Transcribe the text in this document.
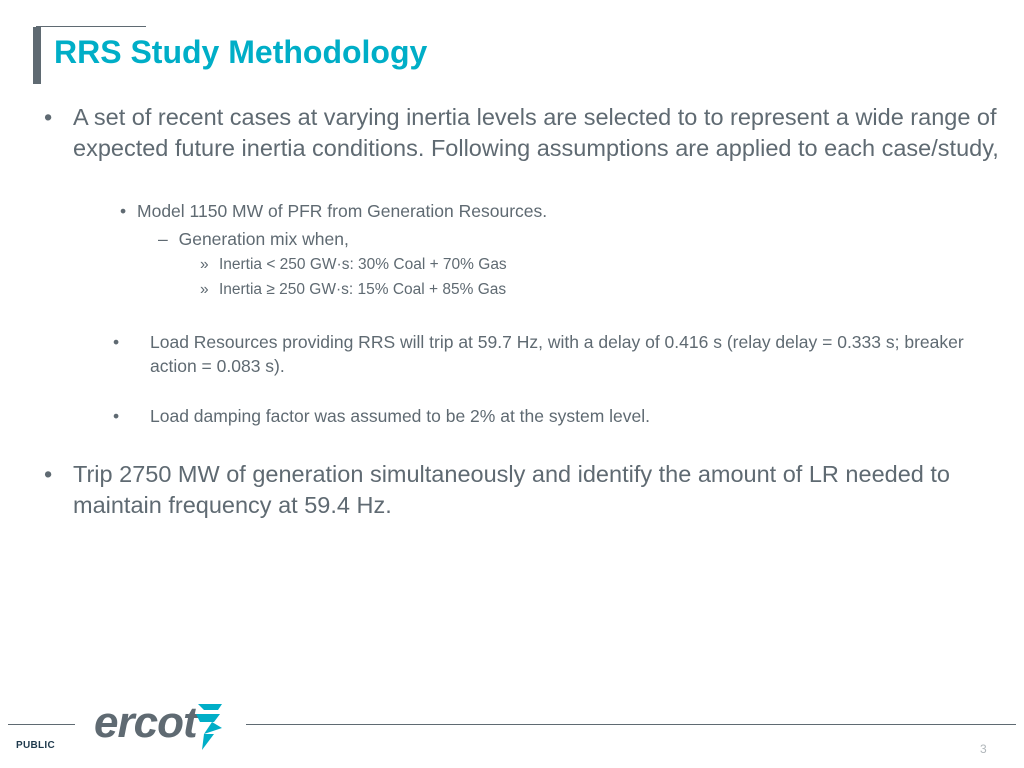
RRS Study Methodology
• A set of recent cases at varying inertia levels are selected to to represent a wide range of expected future inertia conditions. Following assumptions are applied to each case/study,
• Model 1150 MW of PFR from Generation Resources.
– Generation mix when,
» Inertia < 250 GW·s: 30% Coal + 70% Gas
» Inertia ≥ 250 GW·s: 15% Coal + 85% Gas
• Load Resources providing RRS will trip at 59.7 Hz, with a delay of 0.416 s (relay delay = 0.333 s; breaker action = 0.083 s).
• Load damping factor was assumed to be 2% at the system level.
• Trip 2750 MW of generation simultaneously and identify the amount of LR needed to maintain frequency at 59.4 Hz.
ercot
PUBLIC	3
